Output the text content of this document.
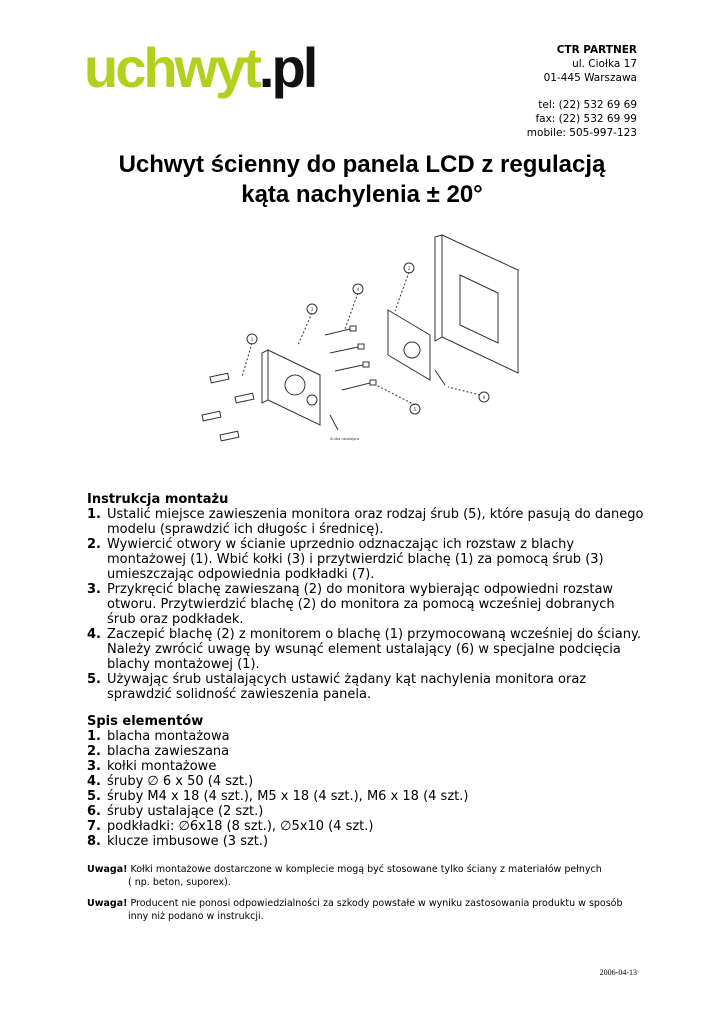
uchwyt.pl	CTR PARTNER
ul. Ciołka 17
01-445 Warszawa
tel: (22) 532 69 69
fax: (22) 532 69 99
mobile: 505-997-123
Uchwyt ścienny do panela LCD z regulacją
kąta nachylenia ± 20°
1
3
4
2
5
6
Śruba ustalająca

Instrukcja montażu

1. Ustalić miejsce zawieszenia monitora oraz rodzaj śrub (5), które pasują do danego modelu (sprawdzić ich długośc i średnicę).
2. Wywiercić otwory w ścianie uprzednio odznaczając ich rozstaw z blachy montażowej (1). Wbić kołki (3) i przytwierdzić blachę (1) za pomocą śrub (3) umieszczając odpowiednia podkładki (7).
3. Przykręcić blachę zawieszaną (2) do monitora wybierając odpowiedni rozstaw otworu. Przytwierdzić blachę (2) do monitora za pomocą wcześniej dobranych śrub oraz podkładek.
4. Zaczepić blachę (2) z monitorem o blachę (1) przymocowaną wcześniej do ściany. Należy zwrócić uwagę by wsunąć element ustalający (6) w specjalne podcięcia blachy montażowej (1).
5. Używając śrub ustalających ustawić żądany kąt nachylenia monitora oraz sprawdzić solidność zawieszenia panela.

Spis elementów

1. blacha montażowa
2. blacha zawieszana
3. kołki montażowe
4. śruby ∅ 6 x 50 (4 szt.)
5. śruby M4 x 18 (4 szt.), M5 x 18 (4 szt.), M6 x 18 (4 szt.)
6. śruby ustalające (2 szt.)
7. podkładki: ∅6x18 (8 szt.), ∅5x10 (4 szt.)
8. klucze imbusowe (3 szt.)
Uwaga! Kołki montażowe dostarczone w komplecie mogą być stosowane tylko ściany z materiałów pełnych
( np. beton, suporex).
Uwaga! Producent nie ponosi odpowiedzialności za szkody powstałe w wyniku zastosowania produktu w sposób
inny niż podano w instrukcji.
2006-04-13
